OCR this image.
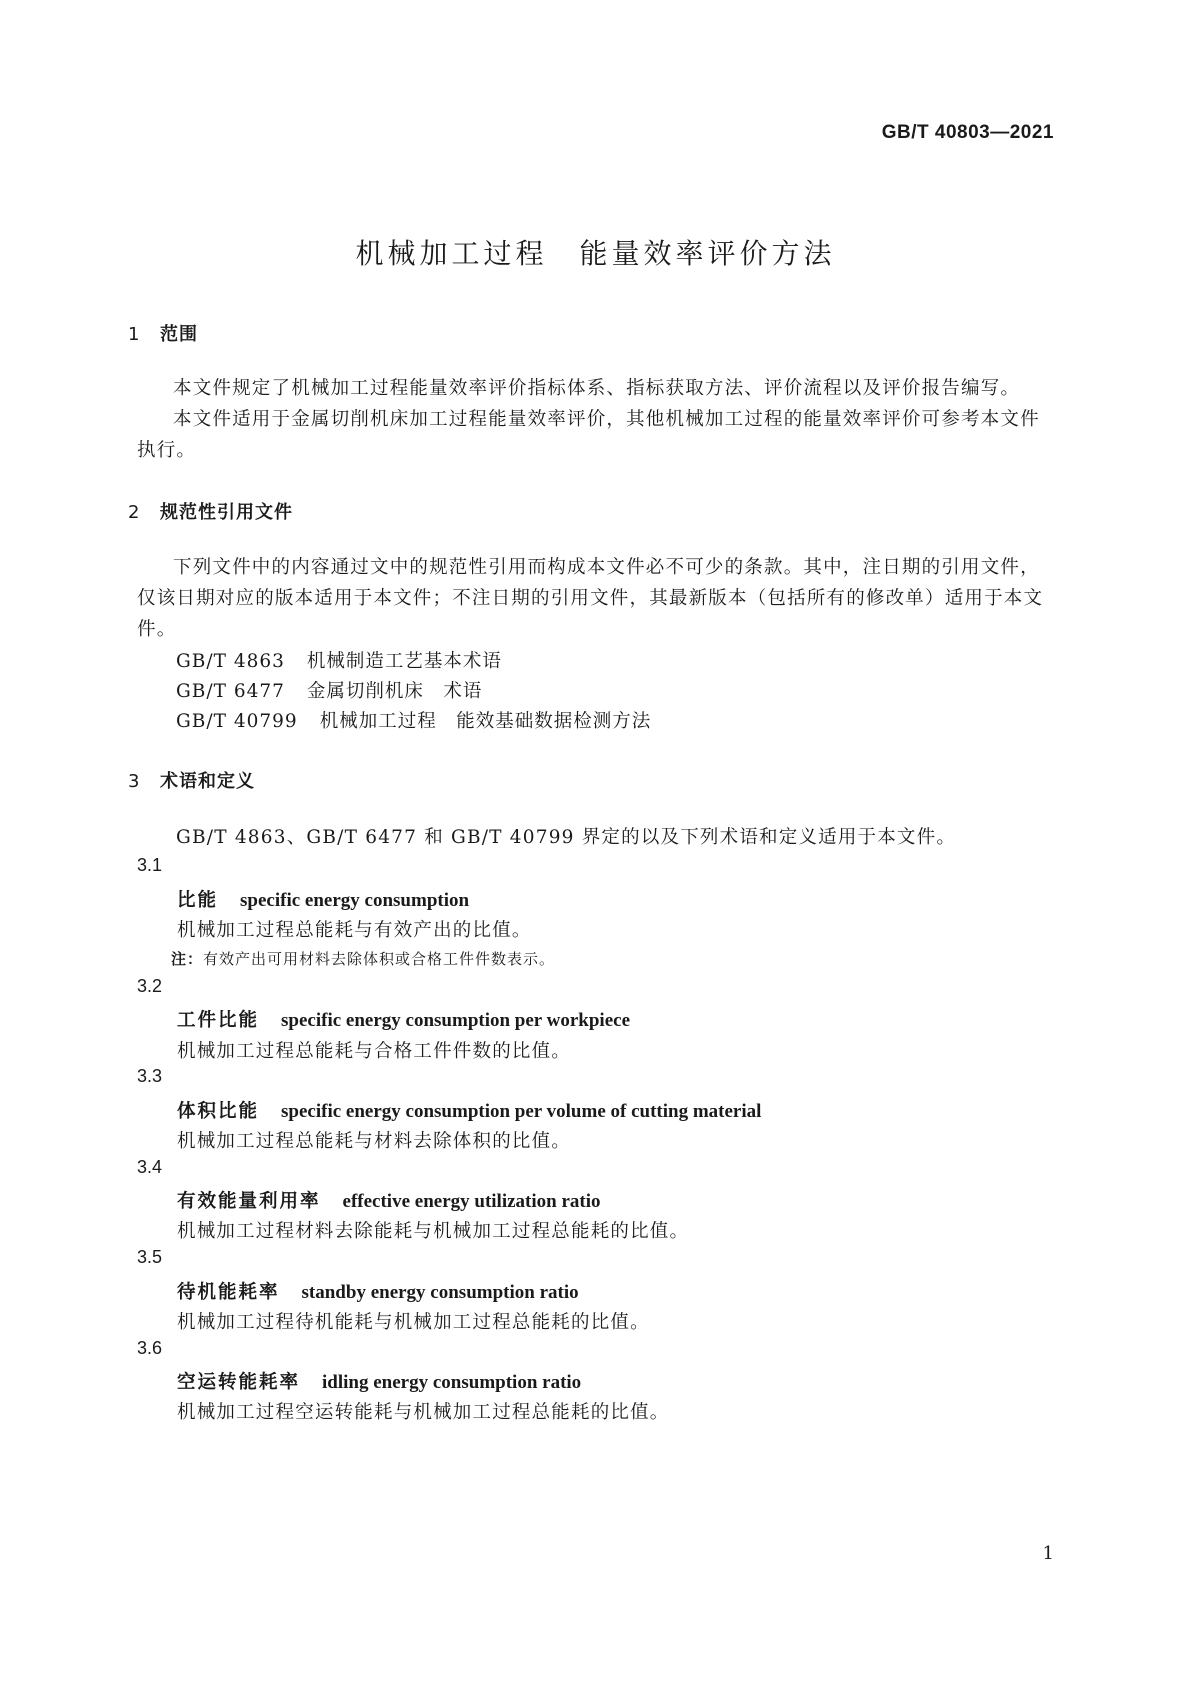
GB/T 40803—2021
机械加工过程 能量效率评价方法
1 范围
本文件规定了机械加工过程能量效率评价指标体系、指标获取方法、评价流程以及评价报告编写。
本文件适用于金属切削机床加工过程能量效率评价，其他机械加工过程的能量效率评价可参考本文件执行。
2 规范性引用文件
下列文件中的内容通过文中的规范性引用而构成本文件必不可少的条款。其中，注日期的引用文件，仅该日期对应的版本适用于本文件；不注日期的引用文件，其最新版本（包括所有的修改单）适用于本文件。
GB/T 4863 机械制造工艺基本术语
GB/T 6477 金属切削机床　术语
GB/T 40799 机械加工过程　能效基础数据检测方法
3 术语和定义
GB/T 4863、GB/T 6477 和 GB/T 40799 界定的以及下列术语和定义适用于本文件。
3.1
比能 specific energy consumption
机械加工过程总能耗与有效产出的比值。
注：有效产出可用材料去除体积或合格工件件数表示。
3.2
工件比能 specific energy consumption per workpiece
机械加工过程总能耗与合格工件件数的比值。
3.3
体积比能 specific energy consumption per volume of cutting material
机械加工过程总能耗与材料去除体积的比值。
3.4
有效能量利用率 effective energy utilization ratio
机械加工过程材料去除能耗与机械加工过程总能耗的比值。
3.5
待机能耗率 standby energy consumption ratio
机械加工过程待机能耗与机械加工过程总能耗的比值。
3.6
空运转能耗率 idling energy consumption ratio
机械加工过程空运转能耗与机械加工过程总能耗的比值。
1
